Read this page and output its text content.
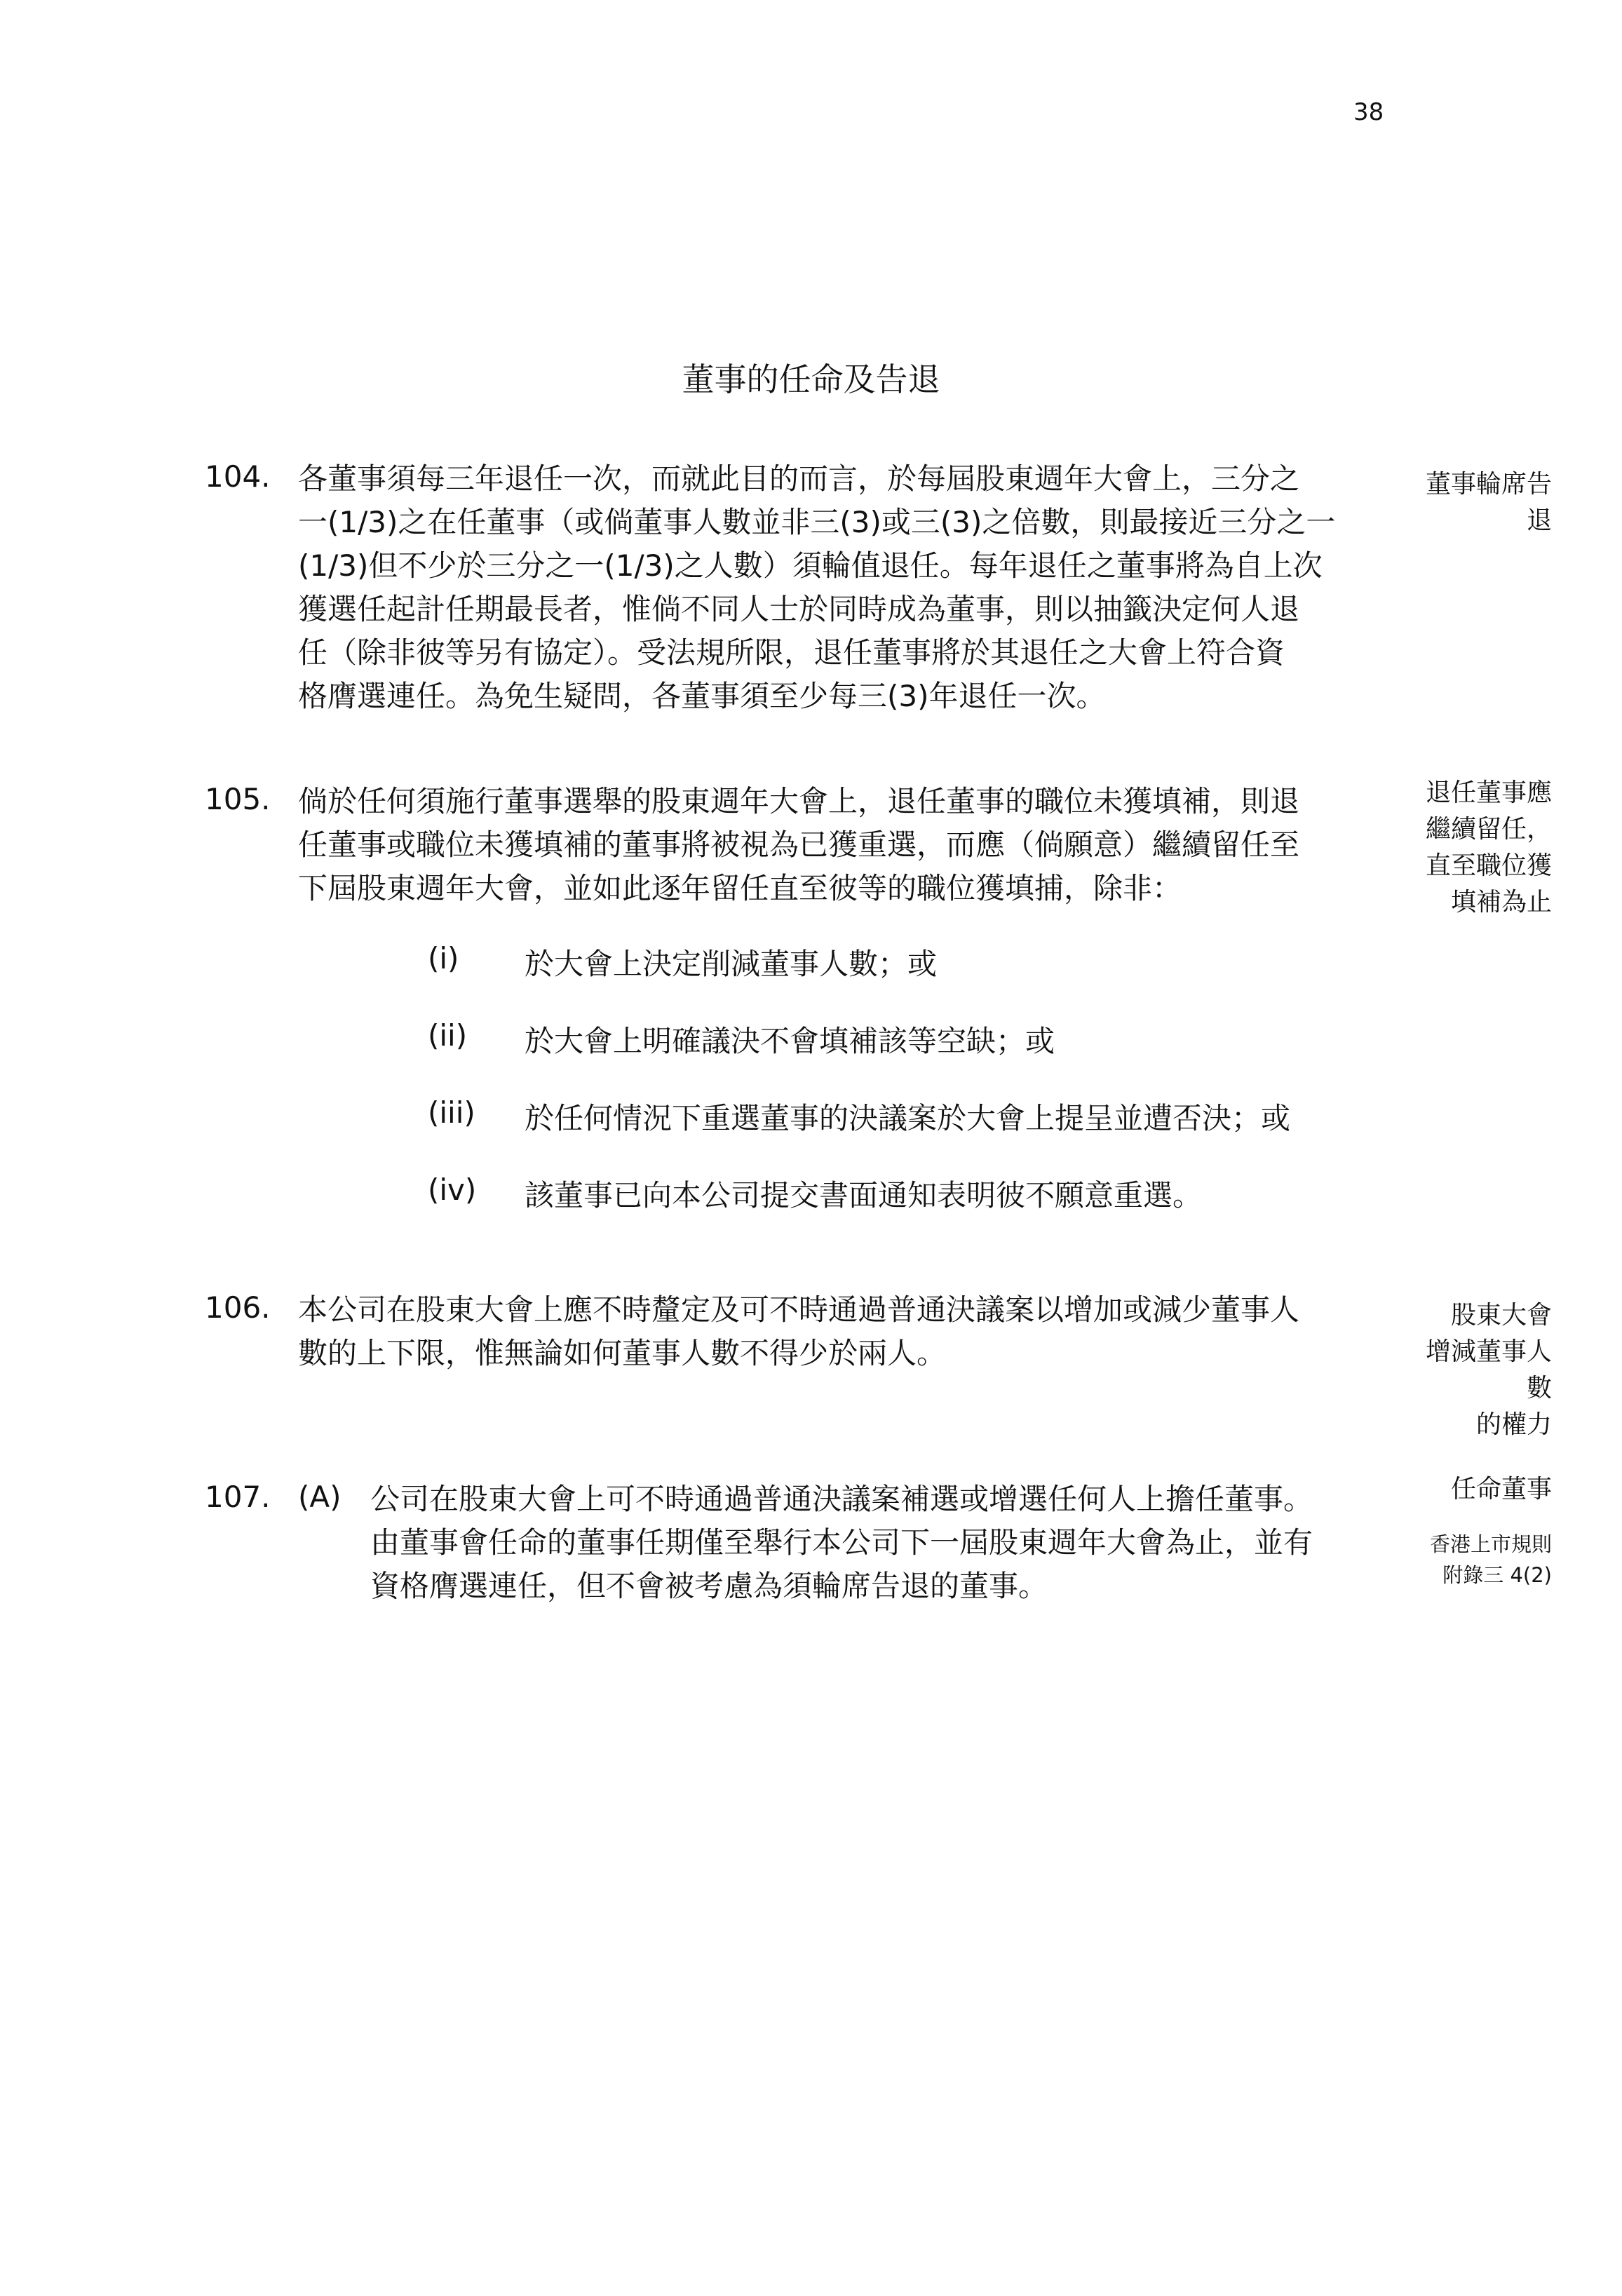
38
董事的任命及告退
104. 各董事須每三年退任一次，而就此目的而言，於每屆股東週年大會上，三分之
一(1/3)之在任董事（或倘董事人數並非三(3)或三(3)之倍數，則最接近三分之一
(1/3)但不少於三分之一(1/3)之人數）須輪值退任。每年退任之董事將為自上次
獲選任起計任期最長者，惟倘不同人士於同時成為董事，則以抽籤決定何人退
任（除非彼等另有協定）。受法規所限，退任董事將於其退任之大會上符合資
格膺選連任。為免生疑問，各董事須至少每三(3)年退任一次。
董事輪席告
退
105. 倘於任何須施行董事選舉的股東週年大會上，退任董事的職位未獲填補，則退
任董事或職位未獲填補的董事將被視為已獲重選，而應（倘願意）繼續留任至
下屆股東週年大會，並如此逐年留任直至彼等的職位獲填捕，除非：
退任董事應
繼續留任，
直至職位獲
填補為止
(i) 於大會上決定削減董事人數；或
(ii) 於大會上明確議決不會填補該等空缺；或
(iii) 於任何情況下重選董事的決議案於大會上提呈並遭否決；或
(iv) 該董事已向本公司提交書面通知表明彼不願意重選。
106. 本公司在股東大會上應不時釐定及可不時通過普通決議案以增加或減少董事人
數的上下限，惟無論如何董事人數不得少於兩人。
股東大會
增減董事人
數
的權力
107. (A) 公司在股東大會上可不時通過普通決議案補選或增選任何人上擔任董事。
由董事會任命的董事任期僅至舉行本公司下一屆股東週年大會為止，並有
資格膺選連任，但不會被考慮為須輪席告退的董事。
任命董事
香港上市規則
附錄三 4(2)
